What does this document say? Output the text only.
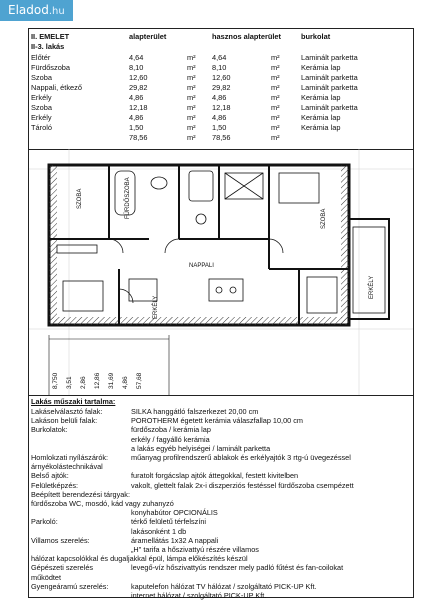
Eladod.hu
II. EMELET	alapterület	hasznos alapterület	burkolat
II-3. lakás
Előtér	4,64	m² 4,64	m²	Laminált parketta
Fürdőszoba	8,10	m² 8,10	m²	Kerámia lap
Szoba	12,60	m² 12,60	m²	Laminált parketta
Nappali, étkező	29,82	m² 29,82	m²	Laminált parketta
Erkély	4,86	m² 4,86	m²	Kerámia lap
Szoba	12,18	m² 12,18	m²	Laminált parketta
Erkély	4,86	m² 4,86	m²	Kerámia lap
Tároló	1,50	m² 1,50	m²	Kerámia lap
78,56	m² 78,56	m²
SZOBA
SZOBA
ERKÉLY
ERKÉLY
NAPPALI
FÜRDŐSZOBA
8,750 3,51 2,86 12,86 31,69 4,86 57,68
Lakás műszaki tartalma:
Lakáselválasztó falak:	SILKA hanggátló falszerkezet 20,00 cm
Lakáson belüli falak:	POROTHERM égetett kerámia válaszfallap 10,00 cm
Burkolatok:	fürdőszoba / kerámia lap
erkély / fagyálló kerámia
a lakás egyéb helyiségei / laminált parketta
Homlokzati nyílászárók:	műanyag profilrendszerű ablakok és erkélyajtók 3 rtg-ú üvegezéssel
árnyékolástechnikával
Belső ajtók:	furatolt forgácslap ajtók áttegokkal, festett kivitelben
Felületképzés:	vakolt, glettelt falak 2x-i diszperziós festéssel fürdőszoba csempézett
Beépített berendezési tárgyak:
fürdőszoba WC, mosdó, kád vagy zuhanyzó
konyhabútor OPCIONÁLIS
Parkoló:	térkő felületű térfelszíni
lakásonként 1 db
Villamos szerelés:	áramellátás 1x32 A nappali
„H" tarifa a hőszivattyú részére villamos
hálózat kapcsolókkal és dugaljakkal épül, lámpa előkészítés készül
Gépészeti szerelés	levegő-víz hőszivattyús rendszer mely padló fűtést és fan-coilokat
működtet
Gyengeáramú szerelés:	kaputelefon hálózat TV hálózat / szolgáltató PICK-UP Kft.
internet hálózat / szolgáltató PICK-UP Kft.
